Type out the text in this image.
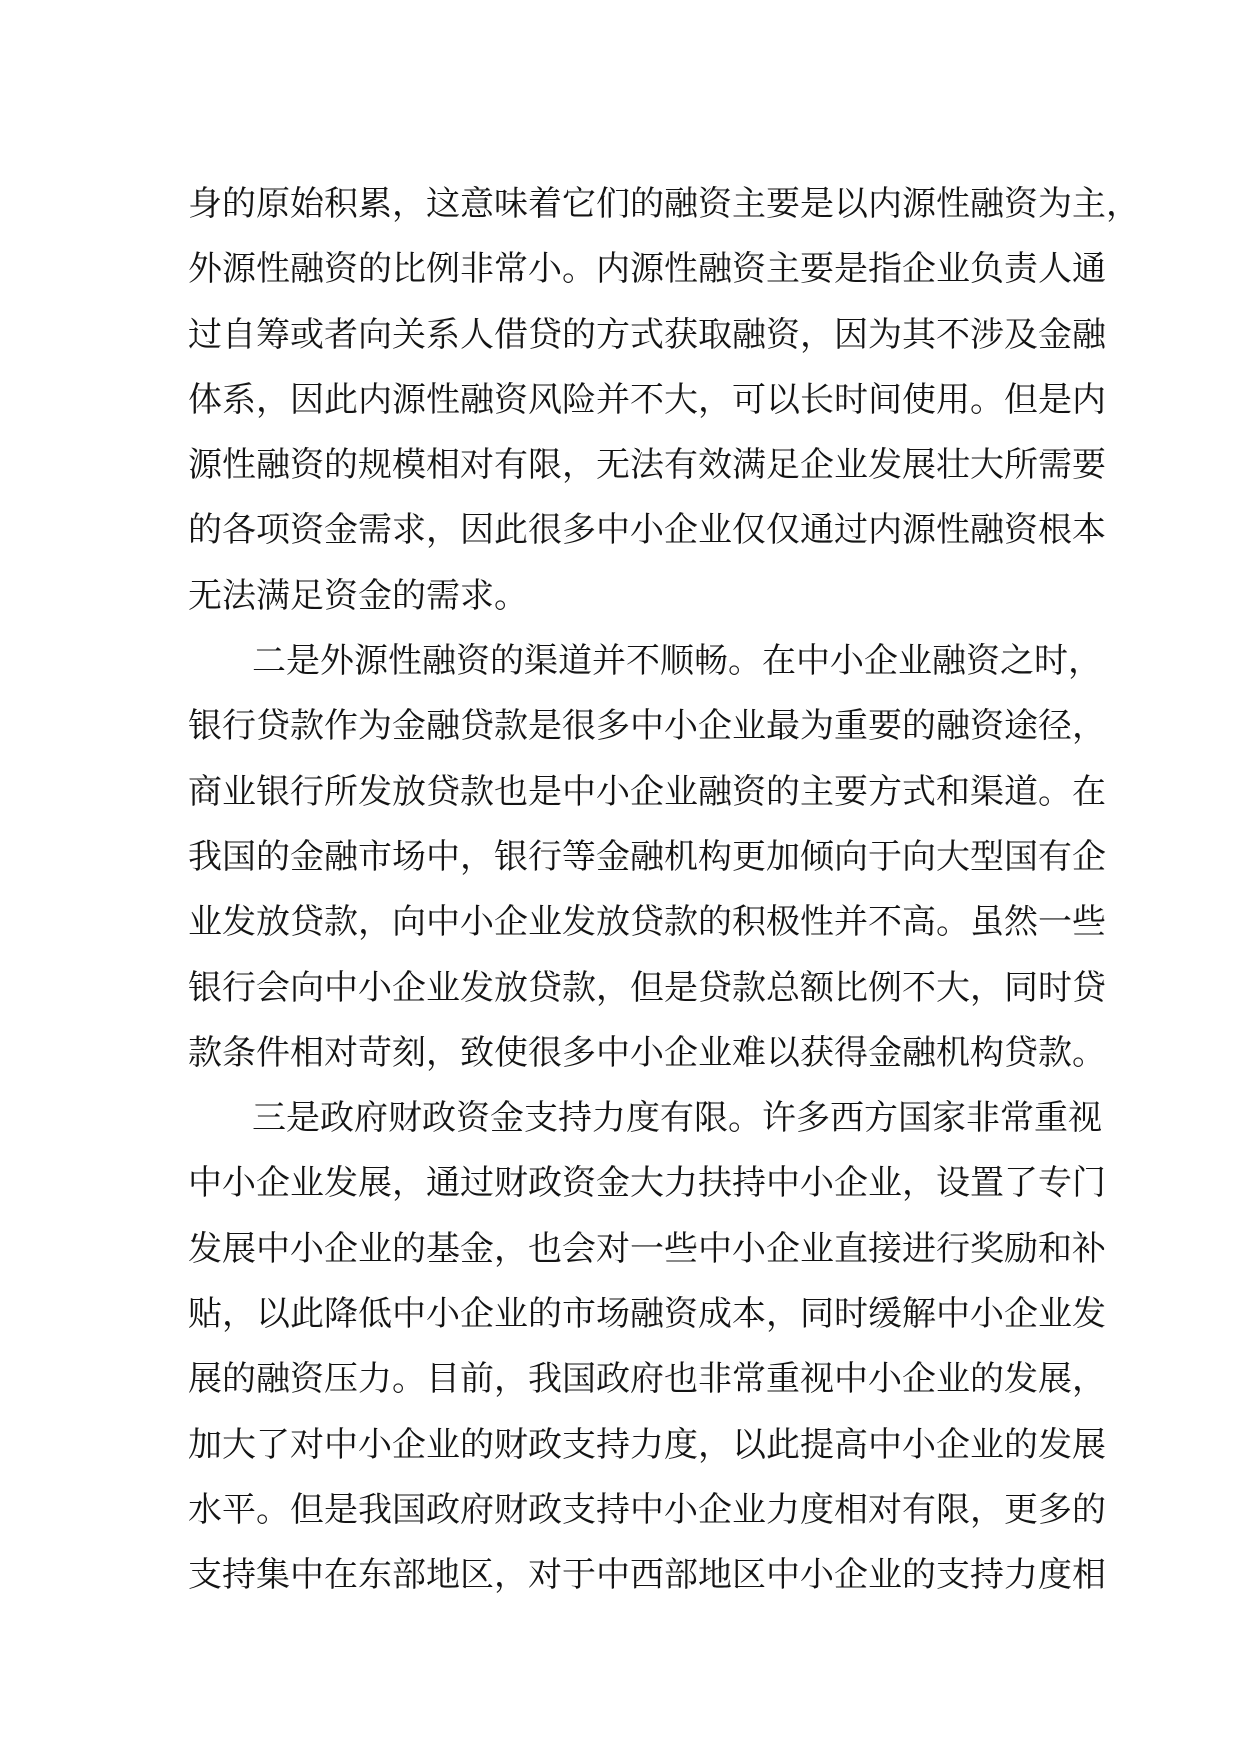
身的原始积累，这意味着它们的融资主要是以内源性融资为主，
外源性融资的比例非常小。内源性融资主要是指企业负责人通
过自筹或者向关系人借贷的方式获取融资，因为其不涉及金融
体系，因此内源性融资风险并不大，可以长时间使用。但是内
源性融资的规模相对有限，无法有效满足企业发展壮大所需要
的各项资金需求，因此很多中小企业仅仅通过内源性融资根本
无法满足资金的需求。
二是外源性融资的渠道并不顺畅。在中小企业融资之时，
银行贷款作为金融贷款是很多中小企业最为重要的融资途径，
商业银行所发放贷款也是中小企业融资的主要方式和渠道。在
我国的金融市场中，银行等金融机构更加倾向于向大型国有企
业发放贷款，向中小企业发放贷款的积极性并不高。虽然一些
银行会向中小企业发放贷款，但是贷款总额比例不大，同时贷
款条件相对苛刻，致使很多中小企业难以获得金融机构贷款。
三是政府财政资金支持力度有限。许多西方国家非常重视
中小企业发展，通过财政资金大力扶持中小企业，设置了专门
发展中小企业的基金，也会对一些中小企业直接进行奖励和补
贴，以此降低中小企业的市场融资成本，同时缓解中小企业发
展的融资压力。目前，我国政府也非常重视中小企业的发展，
加大了对中小企业的财政支持力度，以此提高中小企业的发展
水平。但是我国政府财政支持中小企业力度相对有限，更多的
支持集中在东部地区，对于中西部地区中小企业的支持力度相
